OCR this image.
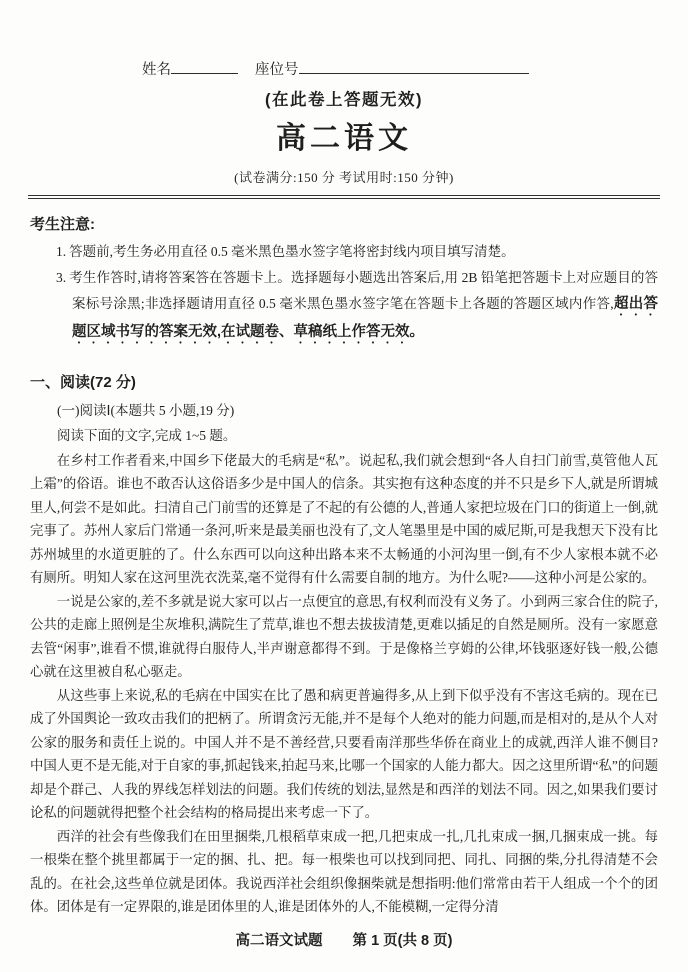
姓名	座位号
(在此卷上答题无效)
高二语文
(试卷满分:150 分 考试用时:150 分钟)
考生注意:
1. 答题前,考生务必用直径 0.5 毫米黑色墨水签字笔将密封线内项目填写清楚。
3. 考生作答时,请将答案答在答题卡上。选择题每小题选出答案后,用 2B 铅笔把答题卡上对应题目的答案标号涂黑;非选择题请用直径 0.5 毫米黑色墨水签字笔在答题卡上各题的答题区域内作答,超出答题区域书写的答案无效,在试题卷、草稿纸上作答无效。
一、阅读(72 分)
(一)阅读Ⅰ(本题共 5 小题,19 分)
阅读下面的文字,完成 1~5 题。

在乡村工作者看来,中国乡下佬最大的毛病是“私”。说起私,我们就会想到“各人自扫门前雪,莫管他人瓦上霜”的俗语。谁也不敢否认这俗语多少是中国人的信条。其实抱有这种态度的并不只是乡下人,就是所谓城里人,何尝不是如此。扫清自己门前雪的还算是了不起的有公德的人,普通人家把垃圾在门口的街道上一倒,就完事了。苏州人家后门常通一条河,听来是最美丽也没有了,文人笔墨里是中国的威尼斯,可是我想天下没有比苏州城里的水道更脏的了。什么东西可以向这种出路本来不太畅通的小河沟里一倒,有不少人家根本就不必有厕所。明知人家在这河里洗衣洗菜,毫不觉得有什么需要自制的地方。为什么呢?——这种小河是公家的。

一说是公家的,差不多就是说大家可以占一点便宜的意思,有权利而没有义务了。小到两三家合住的院子,公共的走廊上照例是尘灰堆积,满院生了荒草,谁也不想去拔拔清楚,更难以插足的自然是厕所。没有一家愿意去管“闲事”,谁看不惯,谁就得白服侍人,半声谢意都得不到。于是像格兰亨姆的公律,坏钱驱逐好钱一般,公德心就在这里被自私心驱走。

从这些事上来说,私的毛病在中国实在比了愚和病更普遍得多,从上到下似乎没有不害这毛病的。现在已成了外国舆论一致攻击我们的把柄了。所谓贪污无能,并不是每个人绝对的能力问题,而是相对的,是从个人对公家的服务和责任上说的。中国人并不是不善经营,只要看南洋那些华侨在商业上的成就,西洋人谁不侧目?中国人更不是无能,对于自家的事,抓起钱来,拍起马来,比哪一个国家的人能力都大。因之这里所谓“私”的问题却是个群己、人我的界线怎样划法的问题。我们传统的划法,显然是和西洋的划法不同。因之,如果我们要讨论私的问题就得把整个社会结构的格局提出来考虑一下了。

西洋的社会有些像我们在田里捆柴,几根稻草束成一把,几把束成一扎,几扎束成一捆,几捆束成一挑。每一根柴在整个挑里都属于一定的捆、扎、把。每一根柴也可以找到同把、同扎、同捆的柴,分扎得清楚不会乱的。在社会,这些单位就是团体。我说西洋社会组织像捆柴就是想指明:他们常常由若干人组成一个个的团体。团体是有一定界限的,谁是团体里的人,谁是团体外的人,不能模糊,一定得分清

高二语文试题 第 1 页(共 8 页)
